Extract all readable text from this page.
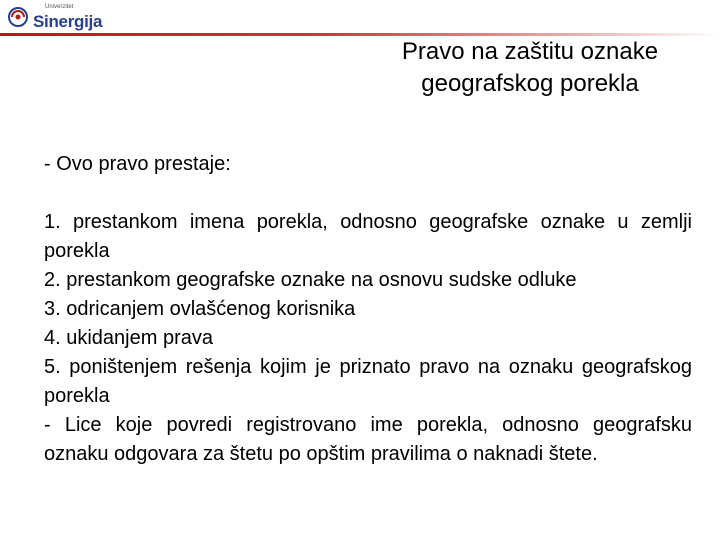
Univerzitet
Sinergija
Pravo na zaštitu oznake
geografskog porekla
- Ovo pravo prestaje:

1. prestankom imena porekla, odnosno geografske oznake u zemlji porekla

2. prestankom geografske oznake na osnovu sudske odluke

3. odricanjem ovlašćenog korisnika

4. ukidanjem prava

5. poništenjem rešenja kojim je priznato pravo na oznaku geografskog porekla

- Lice koje povredi registrovano ime porekla, odnosno geografsku oznaku odgovara za štetu po opštim pravilima o naknadi štete.
